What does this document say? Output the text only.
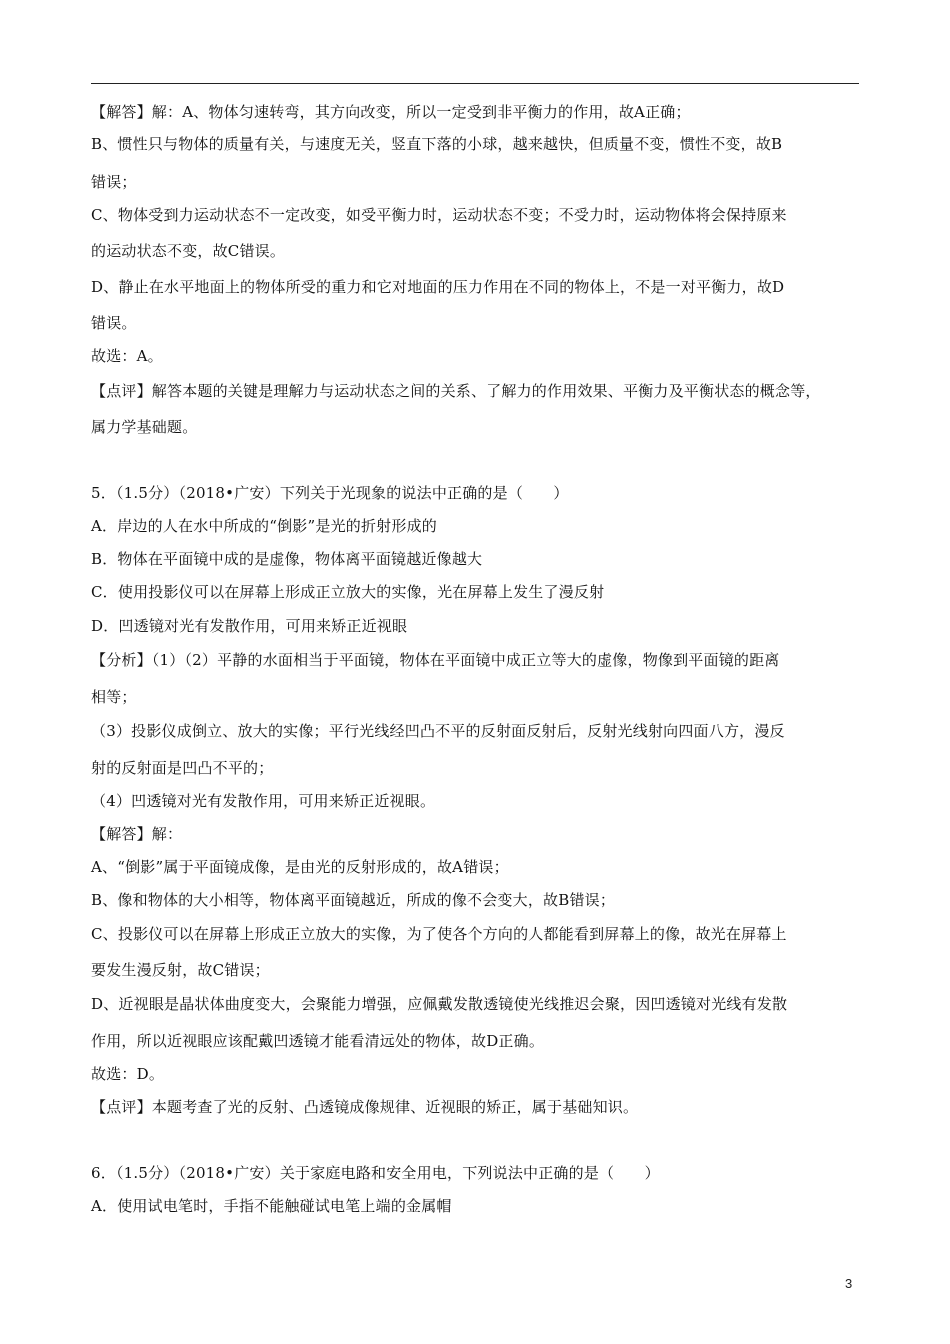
【解答】解：A、物体匀速转弯，其方向改变，所以一定受到非平衡力的作用，故A正确；
B、惯性只与物体的质量有关，与速度无关，竖直下落的小球，越来越快，但质量不变，惯性不变，故B
错误；
C、物体受到力运动状态不一定改变，如受平衡力时，运动状态不变；不受力时，运动物体将会保持原来
的运动状态不变，故C错误。
D、静止在水平地面上的物体所受的重力和它对地面的压力作用在不同的物体上，不是一对平衡力，故D
错误。
故选：A。
【点评】解答本题的关键是理解力与运动状态之间的关系、了解力的作用效果、平衡力及平衡状态的概念等，
属力学基础题。
5．（1.5分）（2018•广安）下列关于光现象的说法中正确的是（　　）
A．岸边的人在水中所成的“倒影”是光的折射形成的
B．物体在平面镜中成的是虚像，物体离平面镜越近像越大
C．使用投影仪可以在屏幕上形成正立放大的实像，光在屏幕上发生了漫反射
D．凹透镜对光有发散作用，可用来矫正近视眼
【分析】（1）（2）平静的水面相当于平面镜，物体在平面镜中成正立等大的虚像，物像到平面镜的距离
相等；
（3）投影仪成倒立、放大的实像；平行光线经凹凸不平的反射面反射后，反射光线射向四面八方，漫反
射的反射面是凹凸不平的；
（4）凹透镜对光有发散作用，可用来矫正近视眼。
【解答】解：
A、“倒影”属于平面镜成像，是由光的反射形成的，故A错误；
B、像和物体的大小相等，物体离平面镜越近，所成的像不会变大，故B错误；
C、投影仪可以在屏幕上形成正立放大的实像，为了使各个方向的人都能看到屏幕上的像，故光在屏幕上
要发生漫反射，故C错误；
D、近视眼是晶状体曲度变大，会聚能力增强，应佩戴发散透镜使光线推迟会聚，因凹透镜对光线有发散
作用，所以近视眼应该配戴凹透镜才能看清远处的物体，故D正确。
故选：D。
【点评】本题考查了光的反射、凸透镜成像规律、近视眼的矫正，属于基础知识。
6．（1.5分）（2018•广安）关于家庭电路和安全用电，下列说法中正确的是（　　）
A．使用试电笔时，手指不能触碰试电笔上端的金属帽
3
